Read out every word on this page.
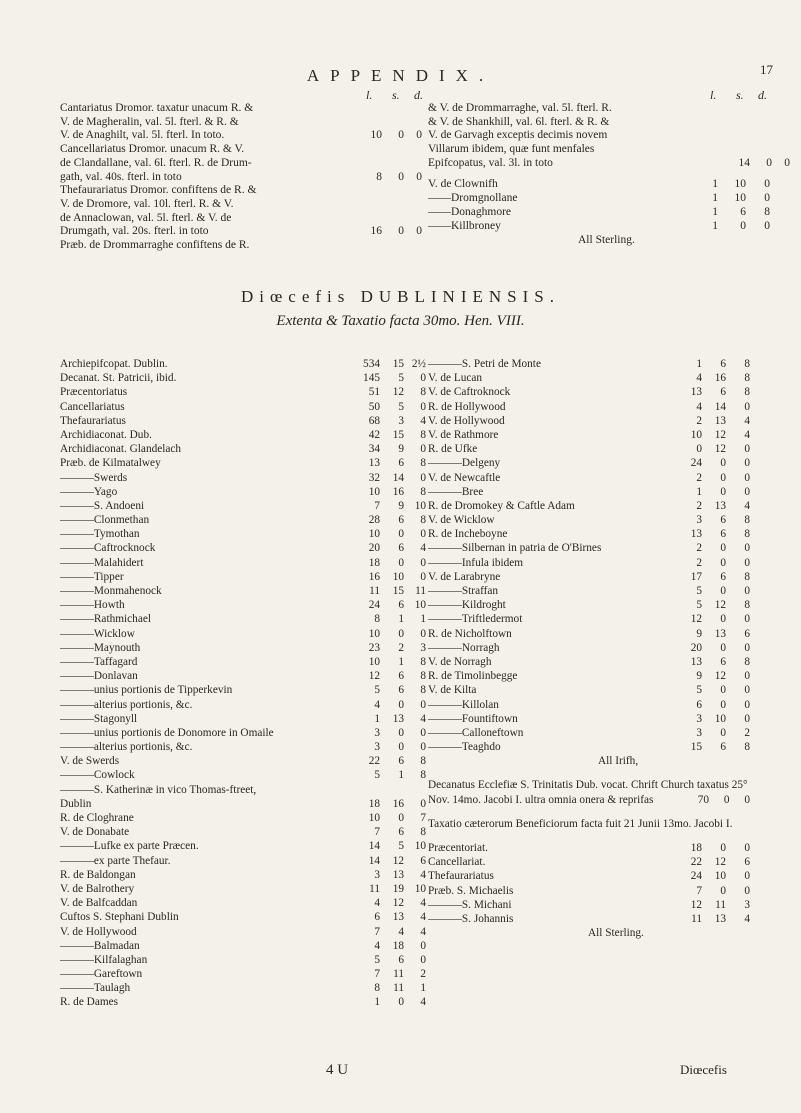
APPENDIX.	17
l. s. d.
Cantariatus Dromor. taxatur unacum R. &
V. de Magheralin, val. 5l. fterl. & R. &
V. de Anaghilt, val. 5l. fterl. In toto.	10	0	0
Cancellariatus Dromor. unacum R. & V.
de Clandallane, val. 6l. fterl. R. de Drum-
gath, val. 40s. fterl. in toto	8	0	0
Thefaurariatus Dromor. confiftens de R. &
V. de Dromore, val. 10l. fterl. R. & V.
de Annaclowan, val. 5l. fterl. & V. de
Drumgath, val. 20s. fterl. in toto	16	0	0
Præb. de Drommarraghe confiftens de R.
l. s. d.
& V. de Drommarraghe, val. 5l. fterl. R.
& V. de Shankhill, val. 6l. fterl. & R. &
V. de Garvagh exceptis decimis novem
Villarum ibidem, quæ funt menfales
Epifcopatus, val. 3l. in toto	14	0	0
V. de Clownifh	1	10	0
——Dromgnollane	1	10	0
——Donaghmore	1	6	8
——Killbroney	1	0	0
All Sterling.
Diœcefis DUBLINIENSIS.
Extenta & Taxatio facta 30mo. Hen. VIII.
Archiepifcopat. Dublin.	534	15 2½
Decanat. St. Patricii, ibid.	145	5	0
Præcentoriatus	51	12	8
Cancellariatus	50	5	0
Thefaurariatus	68	3	4
Archidiaconat. Dub.	42	15	8
Archidiaconat. Glandelach	34	9	0
Præb. de Kilmatalwey	13	6	8
———Swerds	32	14	0
———Yago	10	16	8
———S. Andoeni	7	9 10
———Clonmethan	28	6	8
———Tymothan	10	0	0
———Caftrocknock	20	6	4
———Malahidert	18	0	0
———Tipper	16	10	0
———Monmahenock	11	15 11
———Howth	24	6 10
———Rathmichael	8	1	1
———Wicklow	10	0	0
———Maynouth	23	2	3
———Taffagard	10	1	8
———Donlavan	12	6	8
———unius portionis de Tipperkevin	5	6	8
———alterius portionis, &c.	4	0	0
———Stagonyll	1	13	4
———unius portionis de Donomore in Omaile	3	0	0
———alterius portionis, &c.	3	0	0
V. de Swerds	22	6	8
———Cowlock	5	1	8
———S. Katherinæ in vico Thomas-ftreet,
Dublin	18	16	0
R. de Cloghrane	10	0	7
V. de Donabate	7	6	8
———Lufke ex parte Præcen.	14	5 10
———ex parte Thefaur.	14	12	6
R. de Baldongan	3	13	4
V. de Balrothery	11	19 10
V. de Balfcaddan	4	12	4
Cuftos S. Stephani Dublin	6	13	4
V. de Hollywood	7	4	4
———Balmadan	4	18	0
———Kilfalaghan	5	6	0
———Gareftown	7	11	2
———Taulagh	8	11	1
R. de Dames	1	0	4
———S. Petri de Monte	1	6	8
V. de Lucan	4	16	8
V. de Caftroknock	13	6	8
R. de Hollywood	4	14	0
V. de Hollywood	2	13	4
V. de Rathmore	10	12	4
R. de Ufke	0	12	0
———Delgeny	24	0	0
V. de Newcaftle	2	0	0
———Bree	1	0	0
R. de Dromokey & Caftle Adam	2	13	4
V. de Wicklow	3	6	8
R. de Incheboyne	13	6	8
———Silbernan in patria de O'Birnes	2	0	0
———Infula ibidem	2	0	0
V. de Larabryne	17	6	8
———Straffan	5	0	0
———Kildroght	5	12	8
———Triftledermot	12	0	0
R. de Nicholftown	9	13	6
———Norragh	20	0	0
V. de Norragh	13	6	8
R. de Timolinbegge	9	12	0
V. de Kilta	5	0	0
———Killolan	6	0	0
———Fountiftown	3	10	0
———Calloneftown	3	0	2
———Teaghdo	15	6	8
All Irifh,
Decanatus Ecclefiæ S. Trinitatis Dub. vocat. Chrift Church taxatus 25° Nov. 14mo. Jacobi I. ultra omnia onera & reprifas	70 0 0
Taxatio cæterorum Beneficiorum facta fuit 21 Junii 13mo. Jacobi I.
Præcentoriat.	18	0	0
Cancellariat.	22	12	6
Thefaurariatus	24	10	0
Præb. S. Michaelis	7	0	0
———S. Michani	12	11	3
———S. Johannis	11	13	4
All Sterling.
4 U	Diœcefis
